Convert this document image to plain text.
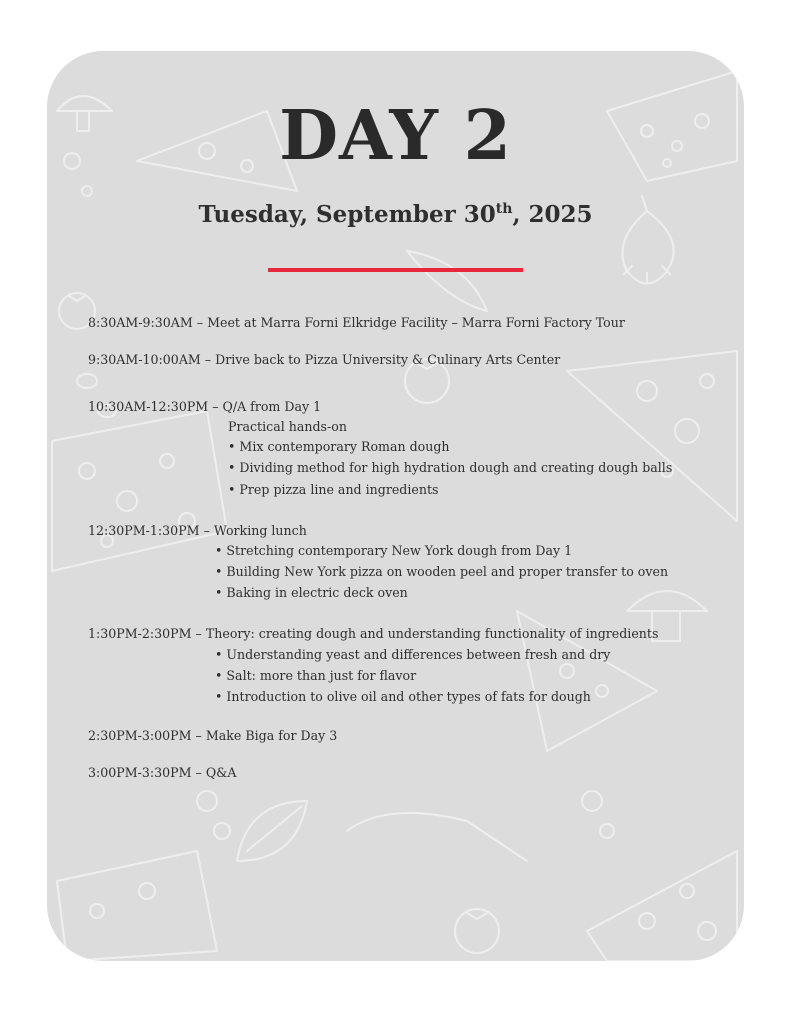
DAY 2
Tuesday, September 30th, 2025
8:30AM-9:30AM – Meet at Marra Forni Elkridge Facility – Marra Forni Factory Tour
9:30AM-10:00AM – Drive back to Pizza University & Culinary Arts Center
10:30AM-12:30PM – Q/A from Day 1
Practical hands-on
• Mix contemporary Roman dough
• Dividing method for high hydration dough and creating dough balls
• Prep pizza line and ingredients
12:30PM-1:30PM – Working lunch
• Stretching contemporary New York dough from Day 1
• Building New York pizza on wooden peel and proper transfer to oven
• Baking in electric deck oven
1:30PM-2:30PM – Theory: creating dough and understanding functionality of ingredients
• Understanding yeast and differences between fresh and dry
• Salt: more than just for flavor
• Introduction to olive oil and other types of fats for dough
2:30PM-3:00PM – Make Biga for Day 3
3:00PM-3:30PM – Q&A
